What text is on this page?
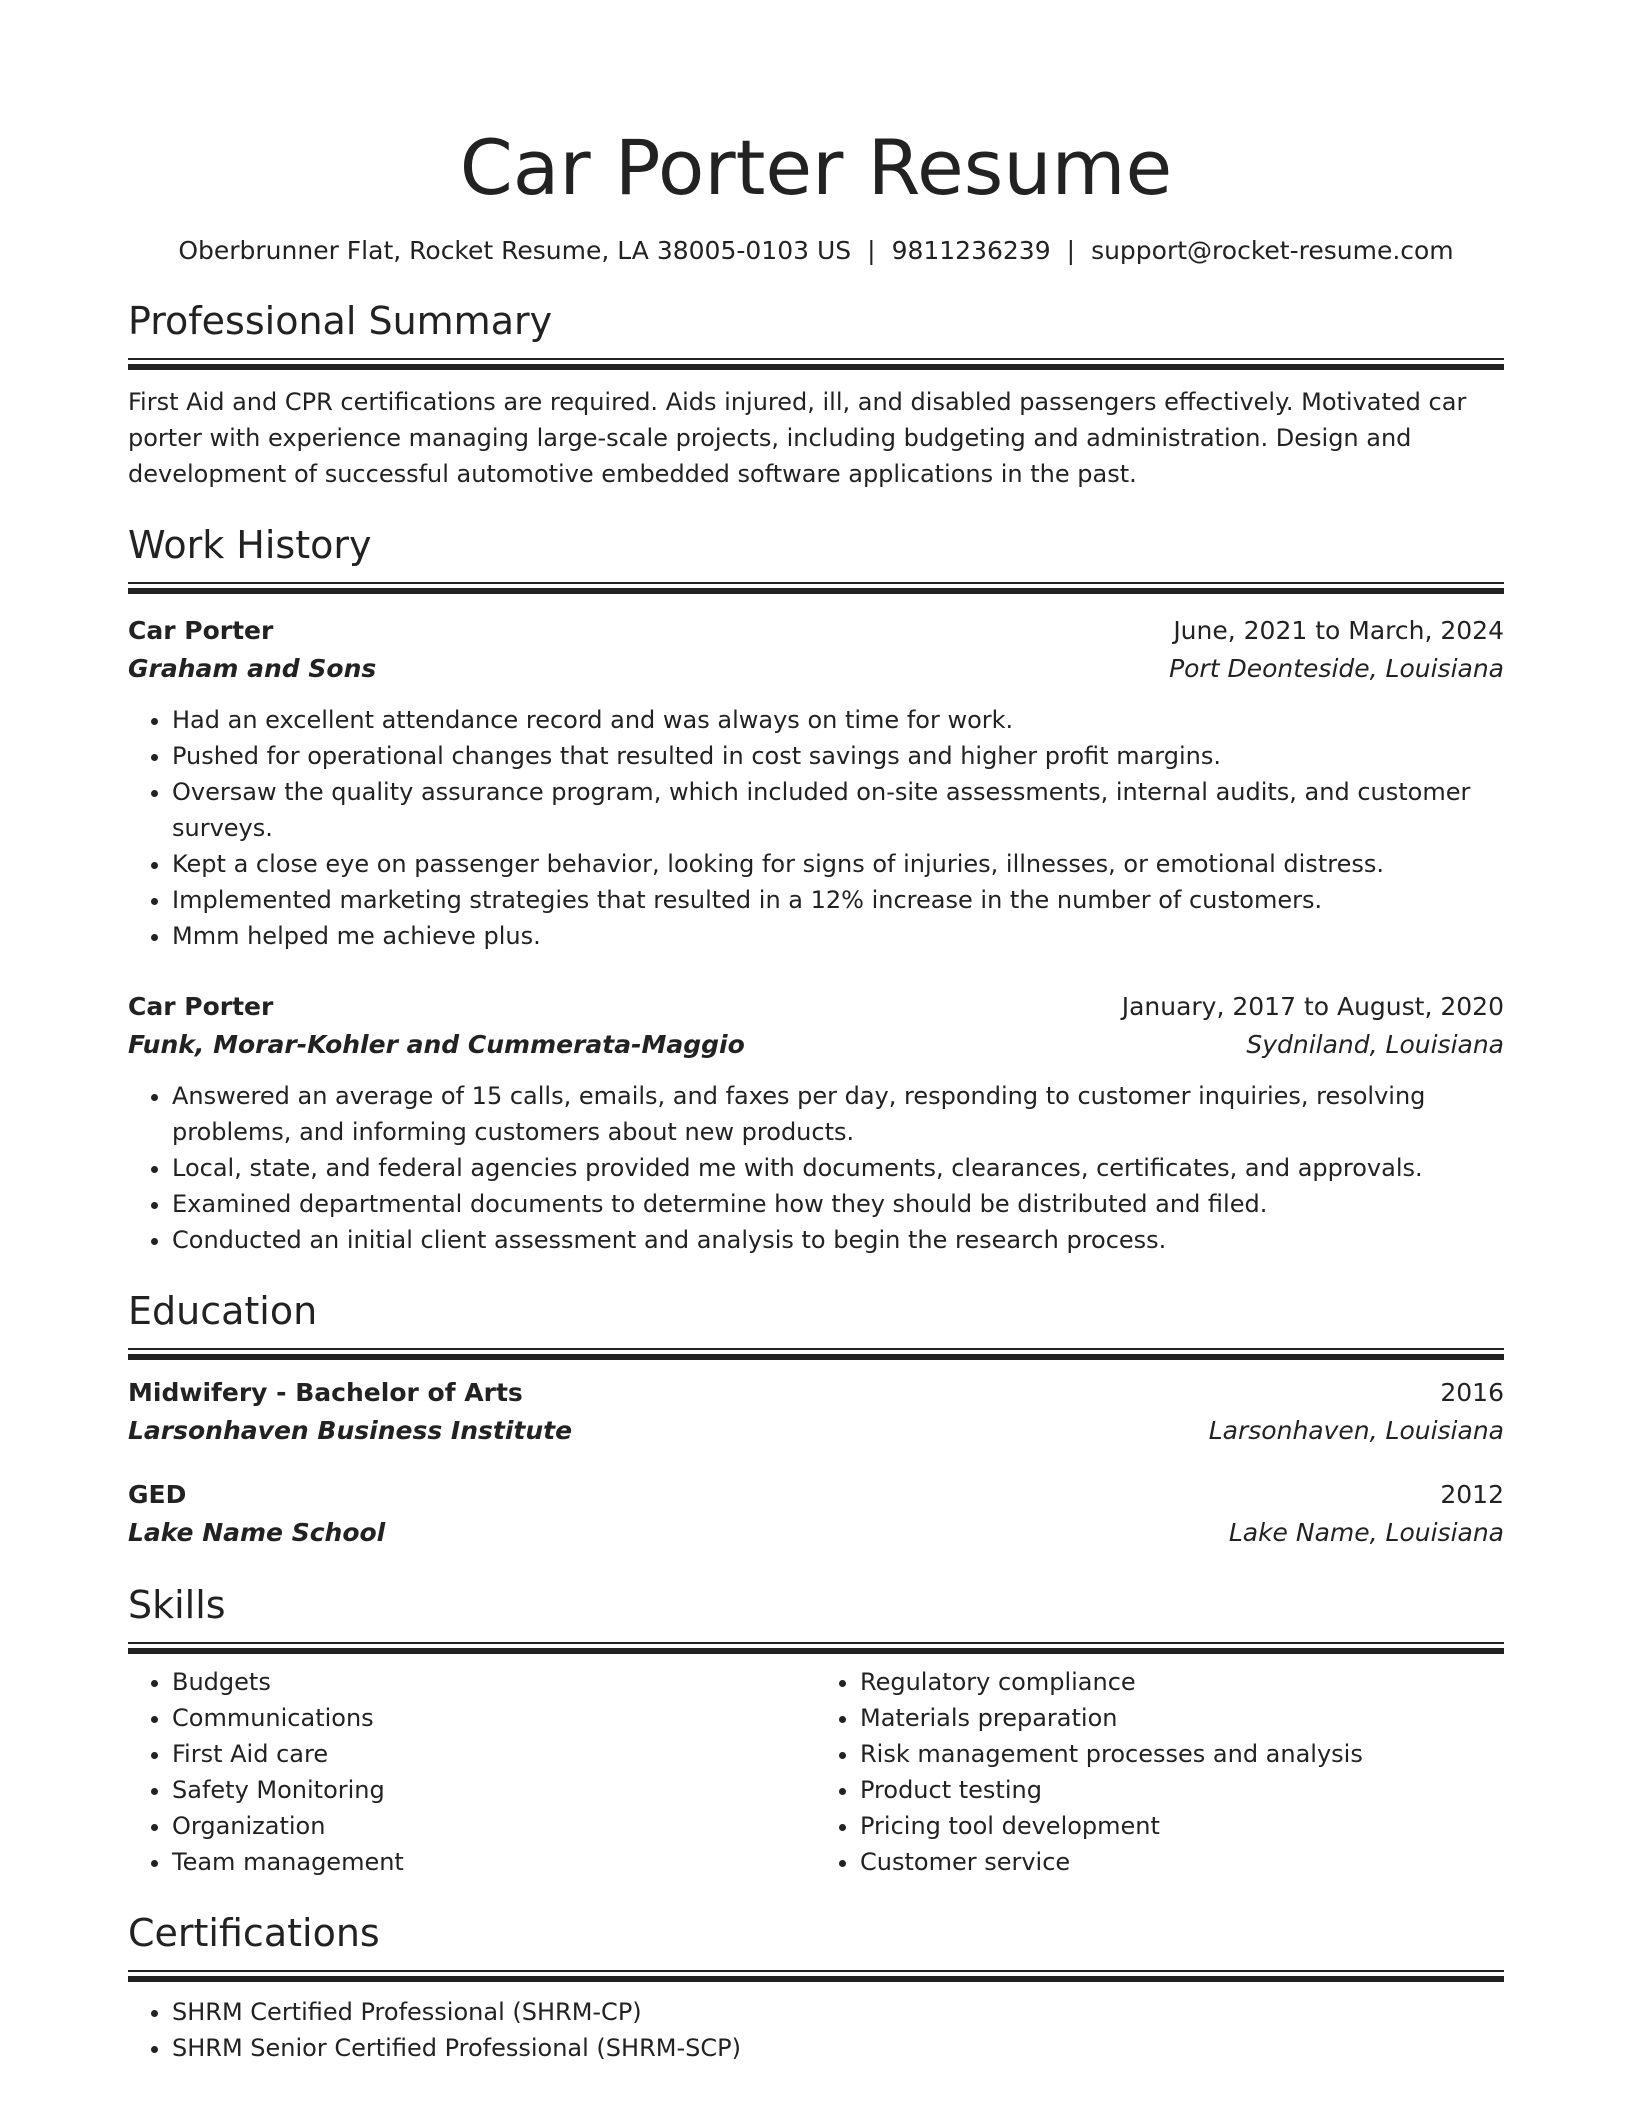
Car Porter Resume
Oberbrunner Flat, Rocket Resume, LA 38005-0103 US | 9811236239 | support@rocket-resume.com
Professional Summary
First Aid and CPR certifications are required. Aids injured, ill, and disabled passengers effectively. Motivated car porter with experience managing large-scale projects, including budgeting and administration. Design and development of successful automotive embedded software applications in the past.
Work History
Car Porter	June, 2021 to March, 2024
Graham and Sons	Port Deonteside, Louisiana
• Had an excellent attendance record and was always on time for work.
• Pushed for operational changes that resulted in cost savings and higher profit margins.
• Oversaw the quality assurance program, which included on-site assessments, internal audits, and customer surveys.
• Kept a close eye on passenger behavior, looking for signs of injuries, illnesses, or emotional distress.
• Implemented marketing strategies that resulted in a 12% increase in the number of customers.
• Mmm helped me achieve plus.
Car Porter	January, 2017 to August, 2020
Funk, Morar-Kohler and Cummerata-Maggio	Sydniland, Louisiana
• Answered an average of 15 calls, emails, and faxes per day, responding to customer inquiries, resolving problems, and informing customers about new products.
• Local, state, and federal agencies provided me with documents, clearances, certificates, and approvals.
• Examined departmental documents to determine how they should be distributed and filed.
• Conducted an initial client assessment and analysis to begin the research process.
Education
Midwifery - Bachelor of Arts	2016
Larsonhaven Business Institute	Larsonhaven, Louisiana
GED	2012
Lake Name School	Lake Name, Louisiana
Skills
• Budgets
• Communications
• First Aid care
• Safety Monitoring
• Organization
• Team management
• Regulatory compliance
• Materials preparation
• Risk management processes and analysis
• Product testing
• Pricing tool development
• Customer service
Certifications
• SHRM Certified Professional (SHRM-CP)
• SHRM Senior Certified Professional (SHRM-SCP)
